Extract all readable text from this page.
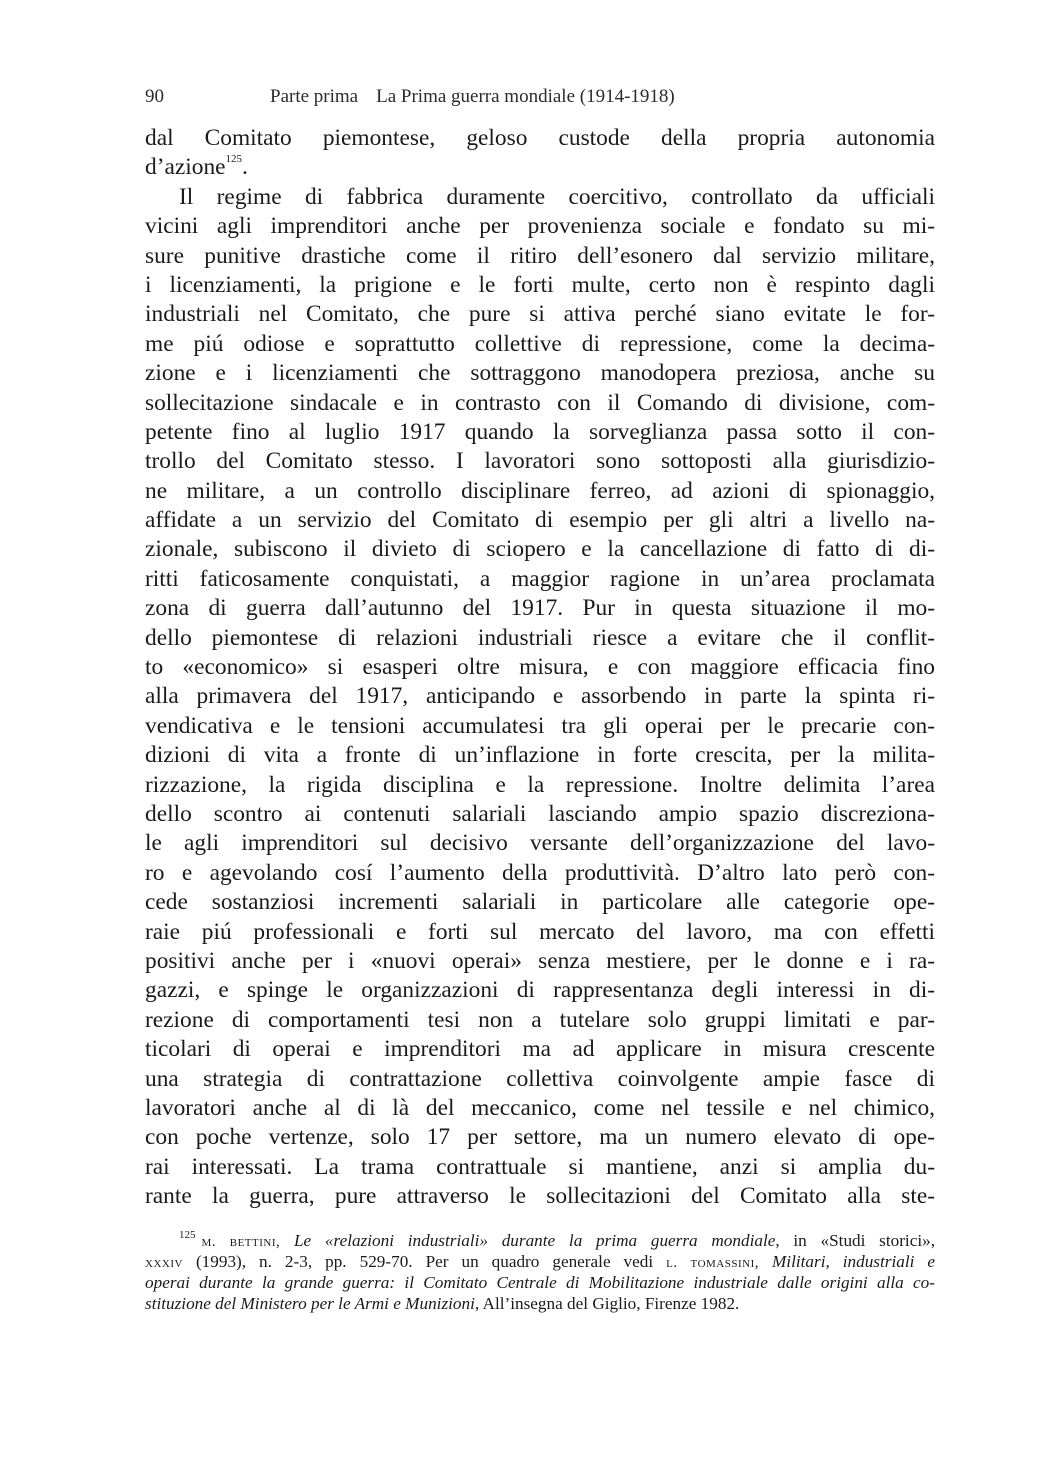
90	Parte prima La Prima guerra mondiale (1914-1918)
dal Comitato piemontese, geloso custode della propria autonomia
d’azione$^{125}$.
Il regime di fabbrica duramente coercitivo, controllato da ufficiali
vicini agli imprenditori anche per provenienza sociale e fondato su mi-
sure punitive drastiche come il ritiro dell’esonero dal servizio militare,
i licenziamenti, la prigione e le forti multe, certo non è respinto dagli
industriali nel Comitato, che pure si attiva perché siano evitate le for-
me piú odiose e soprattutto collettive di repressione, come la decima-
zione e i licenziamenti che sottraggono manodopera preziosa, anche su
sollecitazione sindacale e in contrasto con il Comando di divisione, com-
petente fino al luglio 1917 quando la sorveglianza passa sotto il con-
trollo del Comitato stesso. I lavoratori sono sottoposti alla giurisdizio-
ne militare, a un controllo disciplinare ferreo, ad azioni di spionaggio,
affidate a un servizio del Comitato di esempio per gli altri a livello na-
zionale, subiscono il divieto di sciopero e la cancellazione di fatto di di-
ritti faticosamente conquistati, a maggior ragione in un’area proclamata
zona di guerra dall’autunno del 1917. Pur in questa situazione il mo-
dello piemontese di relazioni industriali riesce a evitare che il conflit-
to «economico» si esasperi oltre misura, e con maggiore efficacia fino
alla primavera del 1917, anticipando e assorbendo in parte la spinta ri-
vendicativa e le tensioni accumulatesi tra gli operai per le precarie con-
dizioni di vita a fronte di un’inflazione in forte crescita, per la milita-
rizzazione, la rigida disciplina e la repressione. Inoltre delimita l’area
dello scontro ai contenuti salariali lasciando ampio spazio discreziona-
le agli imprenditori sul decisivo versante dell’organizzazione del lavo-
ro e agevolando cosí l’aumento della produttività. D’altro lato però con-
cede sostanziosi incrementi salariali in particolare alle categorie ope-
raie piú professionali e forti sul mercato del lavoro, ma con effetti
positivi anche per i «nuovi operai» senza mestiere, per le donne e i ra-
gazzi, e spinge le organizzazioni di rappresentanza degli interessi in di-
rezione di comportamenti tesi non a tutelare solo gruppi limitati e par-
ticolari di operai e imprenditori ma ad applicare in misura crescente
una strategia di contrattazione collettiva coinvolgente ampie fasce di
lavoratori anche al di là del meccanico, come nel tessile e nel chimico,
con poche vertenze, solo 17 per settore, ma un numero elevato di ope-
rai interessati. La trama contrattuale si mantiene, anzi si amplia du-
rante la guerra, pure attraverso le sollecitazioni del Comitato alla ste-
$^{125}$ m. bettini, Le «relazioni industriali» durante la prima guerra mondiale, in «Studi storici»,
xxxiv (1993), n. 2-3, pp. 529-70. Per un quadro generale vedi l. tomassini, Militari, industriali e
operai durante la grande guerra: il Comitato Centrale di Mobilitazione industriale dalle origini alla co-
stituzione del Ministero per le Armi e Munizioni, All’insegna del Giglio, Firenze 1982.
